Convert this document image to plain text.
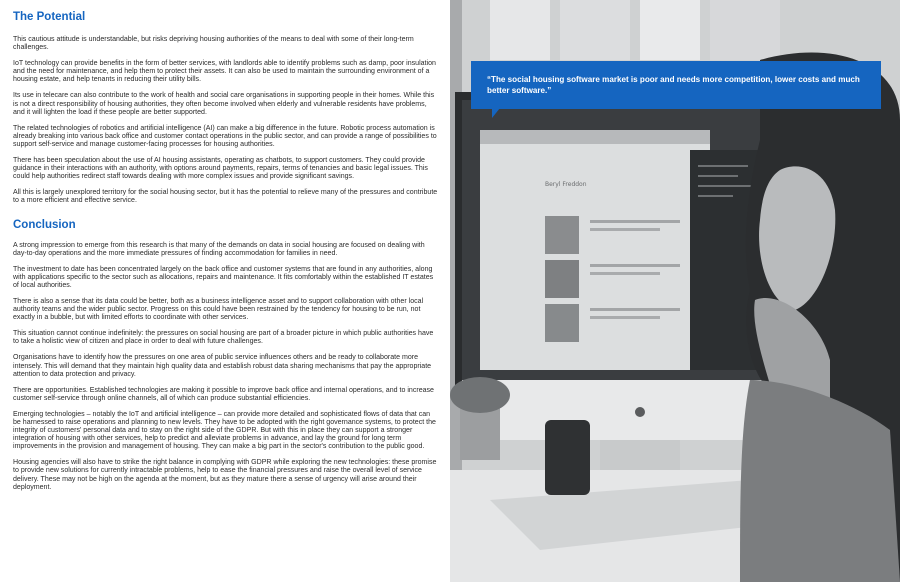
The Potential

This cautious attitude is understandable, but risks depriving housing authorities of the means to deal with some of their long-term challenges.

IoT technology can provide benefits in the form of better services, with landlords able to identify problems such as damp, poor insulation and the need for maintenance, and help them to protect their assets. It can also be used to maintain the surrounding environment of a housing estate, and help tenants in reducing their utility bills.

Its use in telecare can also contribute to the work of health and social care organisations in supporting people in their homes. While this is not a direct responsibility of housing authorities, they often become involved when elderly and vulnerable residents have problems, and it will lighten the load if these people are better supported.

The related technologies of robotics and artificial intelligence (AI) can make a big difference in the future. Robotic process automation is already breaking into various back office and customer contact operations in the public sector, and can provide a range of possibilities to support self-service and manage customer-facing processes for housing authorities.

There has been speculation about the use of AI housing assistants, operating as chatbots, to support customers. They could provide guidance in their interactions with an authority, with options around payments, repairs, terms of tenancies and basic legal issues. This could help authorities redirect staff towards dealing with more complex issues and provide significant savings.

All this is largely unexplored territory for the social housing sector, but it has the potential to relieve many of the pressures and contribute to a more efficient and effective service.

Conclusion

A strong impression to emerge from this research is that many of the demands on data in social housing are focused on dealing with day-to-day operations and the more immediate pressures of finding accommodation for families in need.

The investment to date has been concentrated largely on the back office and customer systems that are found in any authorities, along with applications specific to the sector such as allocations, repairs and maintenance. It fits comfortably within the established IT estates of local authorities.

There is also a sense that its data could be better, both as a business intelligence asset and to support collaboration with other local authority teams and the wider public sector. Progress on this could have been restrained by the tendency for housing to be run, not exactly in a bubble, but with limited efforts to coordinate with other services.

This situation cannot continue indefinitely: the pressures on social housing are part of a broader picture in which public authorities have to take a holistic view of citizen and place in order to deal with future challenges.

Organisations have to identify how the pressures on one area of public service influences others and be ready to collaborate more intensely. This will demand that they maintain high quality data and establish robust data sharing mechanisms that pay the appropriate attention to data protection and privacy.

There are opportunities. Established technologies are making it possible to improve back office and internal operations, and to increase customer self-service through online channels, all of which can produce substantial efficiencies.

Emerging technologies – notably the IoT and artificial intelligence – can provide more detailed and sophisticated flows of data that can be harnessed to raise operations and planning to new levels. They have to be adopted with the right governance systems, to protect the integrity of customers' personal data and to stay on the right side of the GDPR. But with this in place they can support a stronger integration of housing with other services, help to predict and alleviate problems in advance, and lay the ground for long term improvements in the provision and management of housing. They can make a big part in the sector's contribution to the public good.

Housing agencies will also have to strike the right balance in complying with GDPR while exploring the new technologies: these promise to provide new solutions for currently intractable problems, help to ease the financial pressures and raise the overall level of service delivery. These may not be high on the agenda at the moment, but as they mature there a sense of urgency will arise around their deployment.

Beryl Freddon
“The social housing software market is poor and needs more competition, lower costs and much better software.”
